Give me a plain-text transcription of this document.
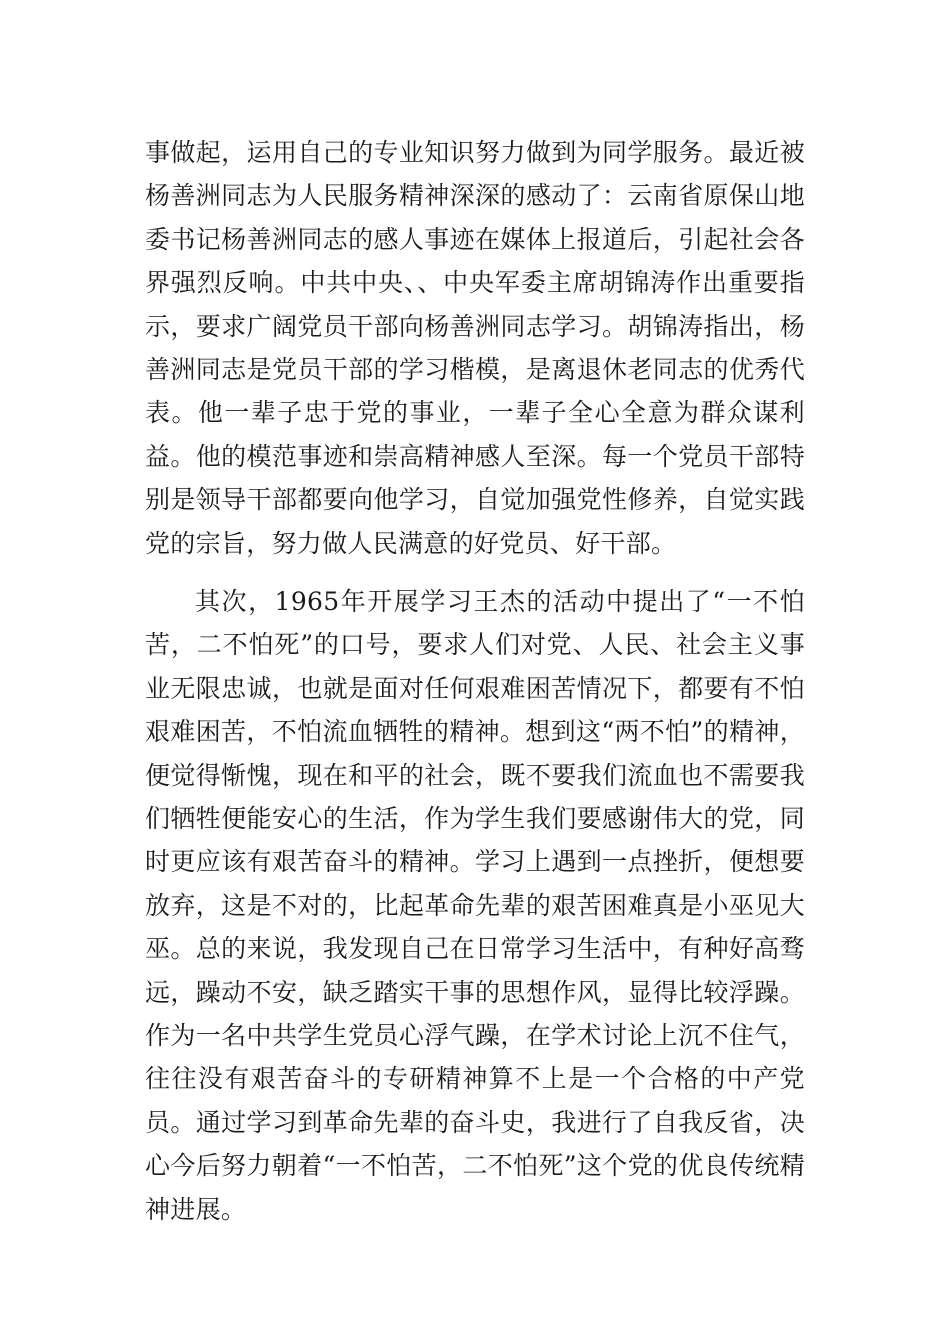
事做起，运用自己的专业知识努力做到为同学服务。最近被杨善洲同志为人民服务精神深深的感动了：云南省原保山地委书记杨善洲同志的感人事迹在媒体上报道后，引起社会各界强烈反响。中共中央、、中央军委主席胡锦涛作出重要指示，要求广阔党员干部向杨善洲同志学习。胡锦涛指出，杨善洲同志是党员干部的学习楷模，是离退休老同志的优秀代表。他一辈子忠于党的事业，一辈子全心全意为群众谋利益。他的模范事迹和崇高精神感人至深。每一个党员干部特别是领导干部都要向他学习，自觉加强党性修养，自觉实践党的宗旨，努力做人民满意的好党员、好干部。

其次，1965年开展学习王杰的活动中提出了“一不怕苦，二不怕死”的口号，要求人们对党、人民、社会主义事业无限忠诚，也就是面对任何艰难困苦情况下，都要有不怕艰难困苦，不怕流血牺牲的精神。想到这“两不怕”的精神，便觉得惭愧，现在和平的社会，既不要我们流血也不需要我们牺牲便能安心的生活，作为学生我们要感谢伟大的党，同时更应该有艰苦奋斗的精神。学习上遇到一点挫折，便想要放弃，这是不对的，比起革命先辈的艰苦困难真是小巫见大巫。总的来说，我发现自己在日常学习生活中，有种好高骛远，躁动不安，缺乏踏实干事的思想作风，显得比较浮躁。作为一名中共学生党员心浮气躁，在学术讨论上沉不住气，往往没有艰苦奋斗的专研精神算不上是一个合格的中产党员。通过学习到革命先辈的奋斗史，我进行了自我反省，决心今后努力朝着“一不怕苦，二不怕死”这个党的优良传统精神进展。
